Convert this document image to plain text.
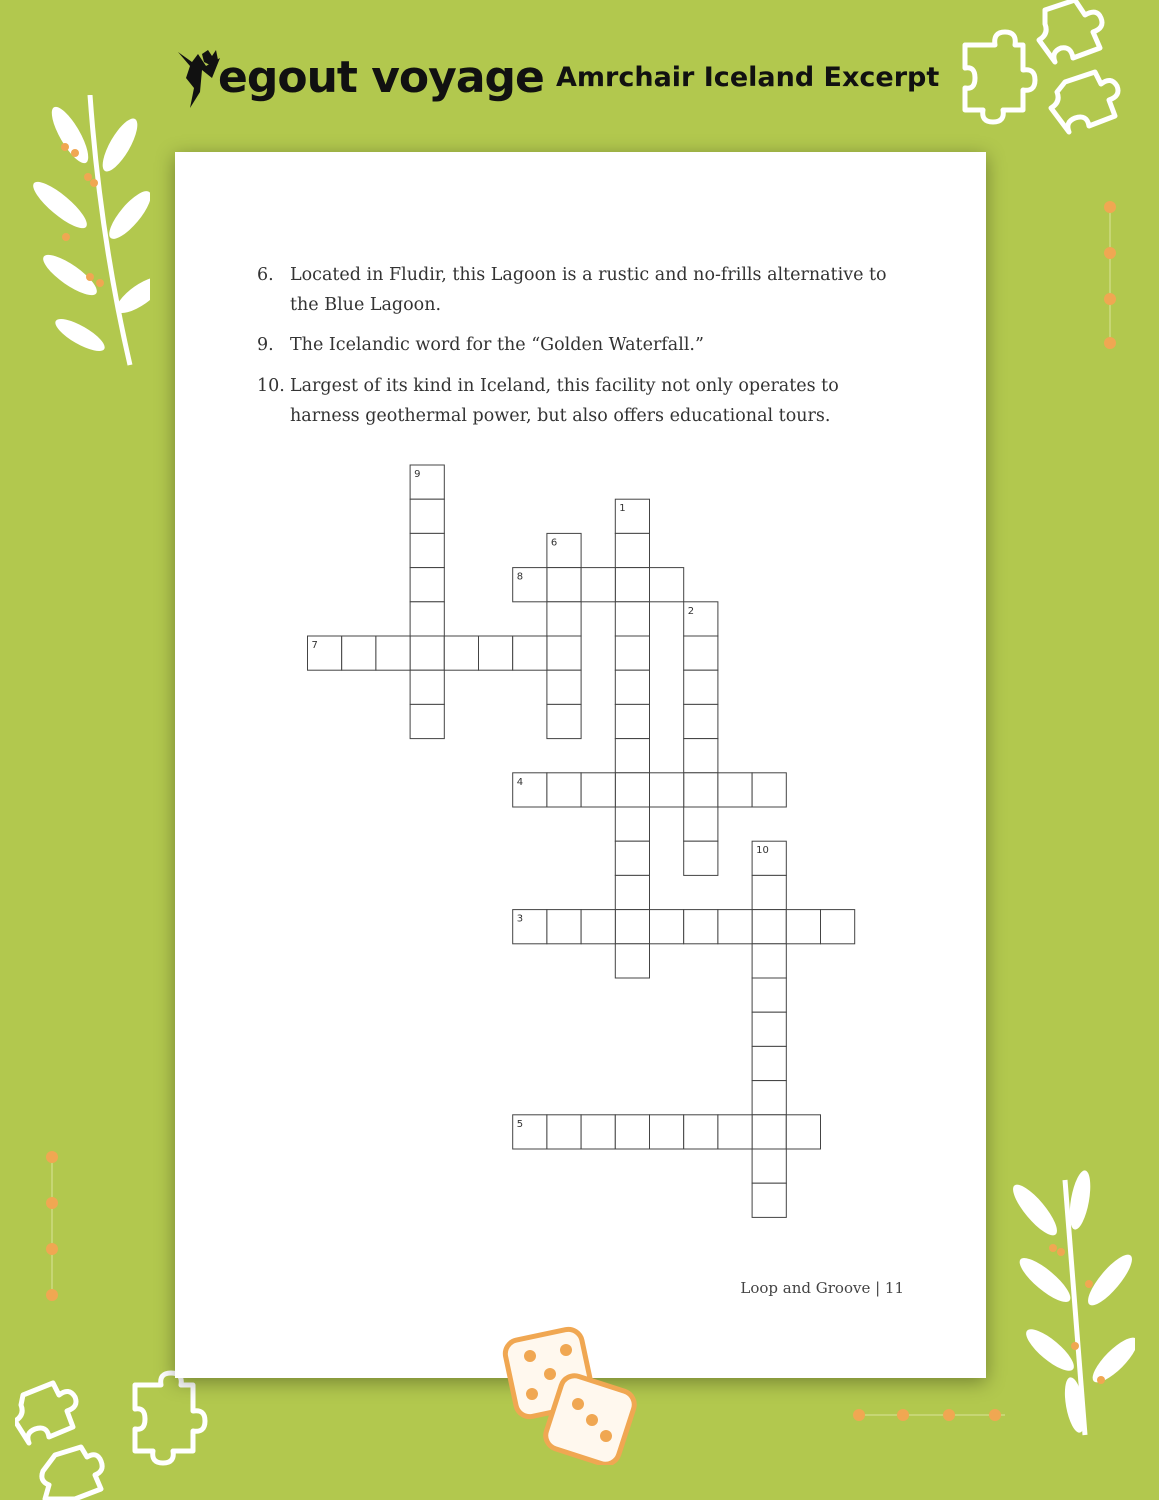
egout voyage Amrchair Iceland Excerpt
6. Located in Fludir, this Lagoon is a rustic and no-frills alternative to the Blue Lagoon.
9. The Icelandic word for the “Golden Waterfall.”
10. Largest of its kind in Iceland, this facility not only operates to harness geothermal power, but also offers educational tours.
9
1
6
8
2
7
4
10
3
5
Loop and Groove | 11
